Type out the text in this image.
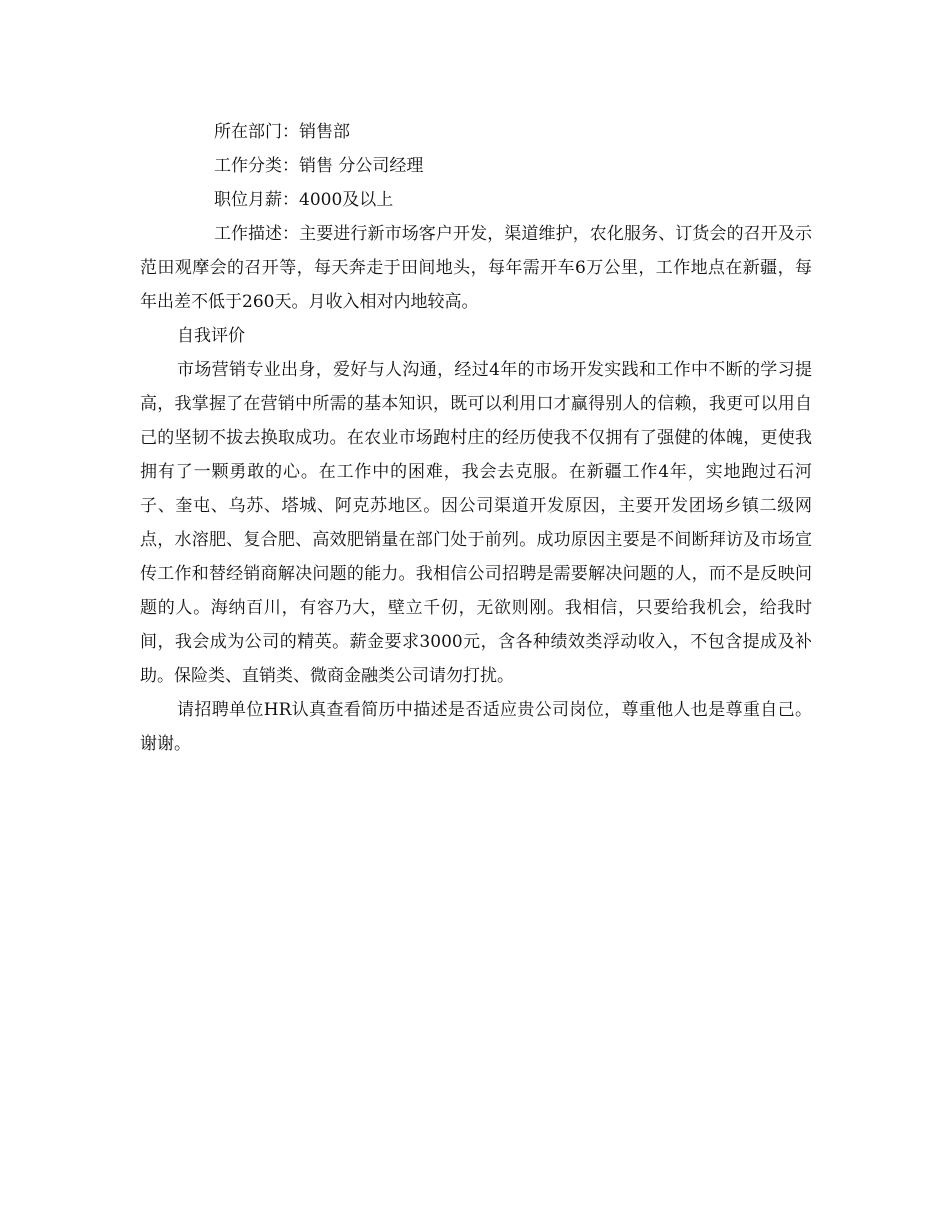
所在部门：销售部

工作分类：销售 分公司经理

职位月薪：4000及以上

工作描述：主要进行新市场客户开发，渠道维护，农化服务、订货会的召开及示范田观摩会的召开等，每天奔走于田间地头，每年需开车6万公里，工作地点在新疆，每年出差不低于260天。月收入相对内地较高。

自我评价

市场营销专业出身，爱好与人沟通，经过4年的市场开发实践和工作中不断的学习提高，我掌握了在营销中所需的基本知识，既可以利用口才赢得别人的信赖，我更可以用自己的坚韧不拔去换取成功。在农业市场跑村庄的经历使我不仅拥有了强健的体魄，更使我拥有了一颗勇敢的心。在工作中的困难，我会去克服。在新疆工作4年，实地跑过石河子、奎屯、乌苏、塔城、阿克苏地区。因公司渠道开发原因，主要开发团场乡镇二级网点，水溶肥、复合肥、高效肥销量在部门处于前列。成功原因主要是不间断拜访及市场宣传工作和替经销商解决问题的能力。我相信公司招聘是需要解决问题的人，而不是反映问题的人。海纳百川，有容乃大，壁立千仞，无欲则刚。我相信，只要给我机会，给我时间，我会成为公司的精英。薪金要求3000元，含各种绩效类浮动收入，不包含提成及补助。保险类、直销类、微商金融类公司请勿打扰。

请招聘单位HR认真查看简历中描述是否适应贵公司岗位，尊重他人也是尊重自己。谢谢。
